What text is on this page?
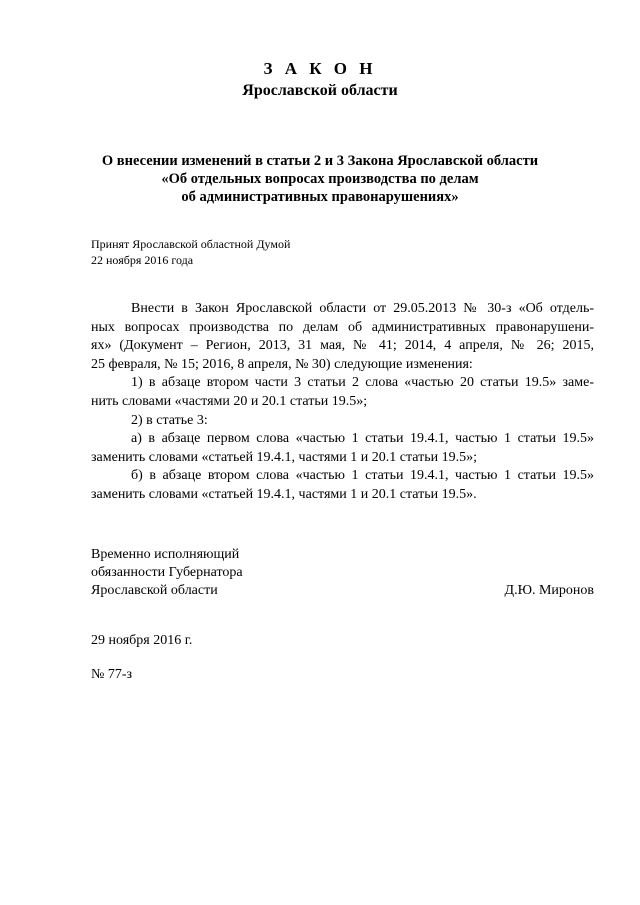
З А К О Н
Ярославской области
О внесении изменений в статьи 2 и 3 Закона Ярославской области
«Об отдельных вопросах производства по делам
об административных правонарушениях»
Принят Ярославской областной Думой
22 ноября 2016 года
Внести в Закон Ярославской области от 29.05.2013 № 30-з «Об отдель-
ных вопросах производства по делам об административных правонарушени-
ях» (Документ – Регион, 2013, 31 мая, № 41; 2014, 4 апреля, № 26; 2015,
25 февраля, № 15; 2016, 8 апреля, № 30) следующие изменения:
1) в абзаце втором части 3 статьи 2 слова «частью 20 статьи 19.5» заме-
нить словами «частями 20 и 20.1 статьи 19.5»;
2) в статье 3:
а) в абзаце первом слова «частью 1 статьи 19.4.1, частью 1 статьи 19.5»
заменить словами «статьей 19.4.1, частями 1 и 20.1 статьи 19.5»;
б) в абзаце втором слова «частью 1 статьи 19.4.1, частью 1 статьи 19.5»
заменить словами «статьей 19.4.1, частями 1 и 20.1 статьи 19.5».
Временно исполняющий
обязанности Губернатора
Ярославской области	Д.Ю. Миронов
29 ноября 2016 г.
№ 77-з
